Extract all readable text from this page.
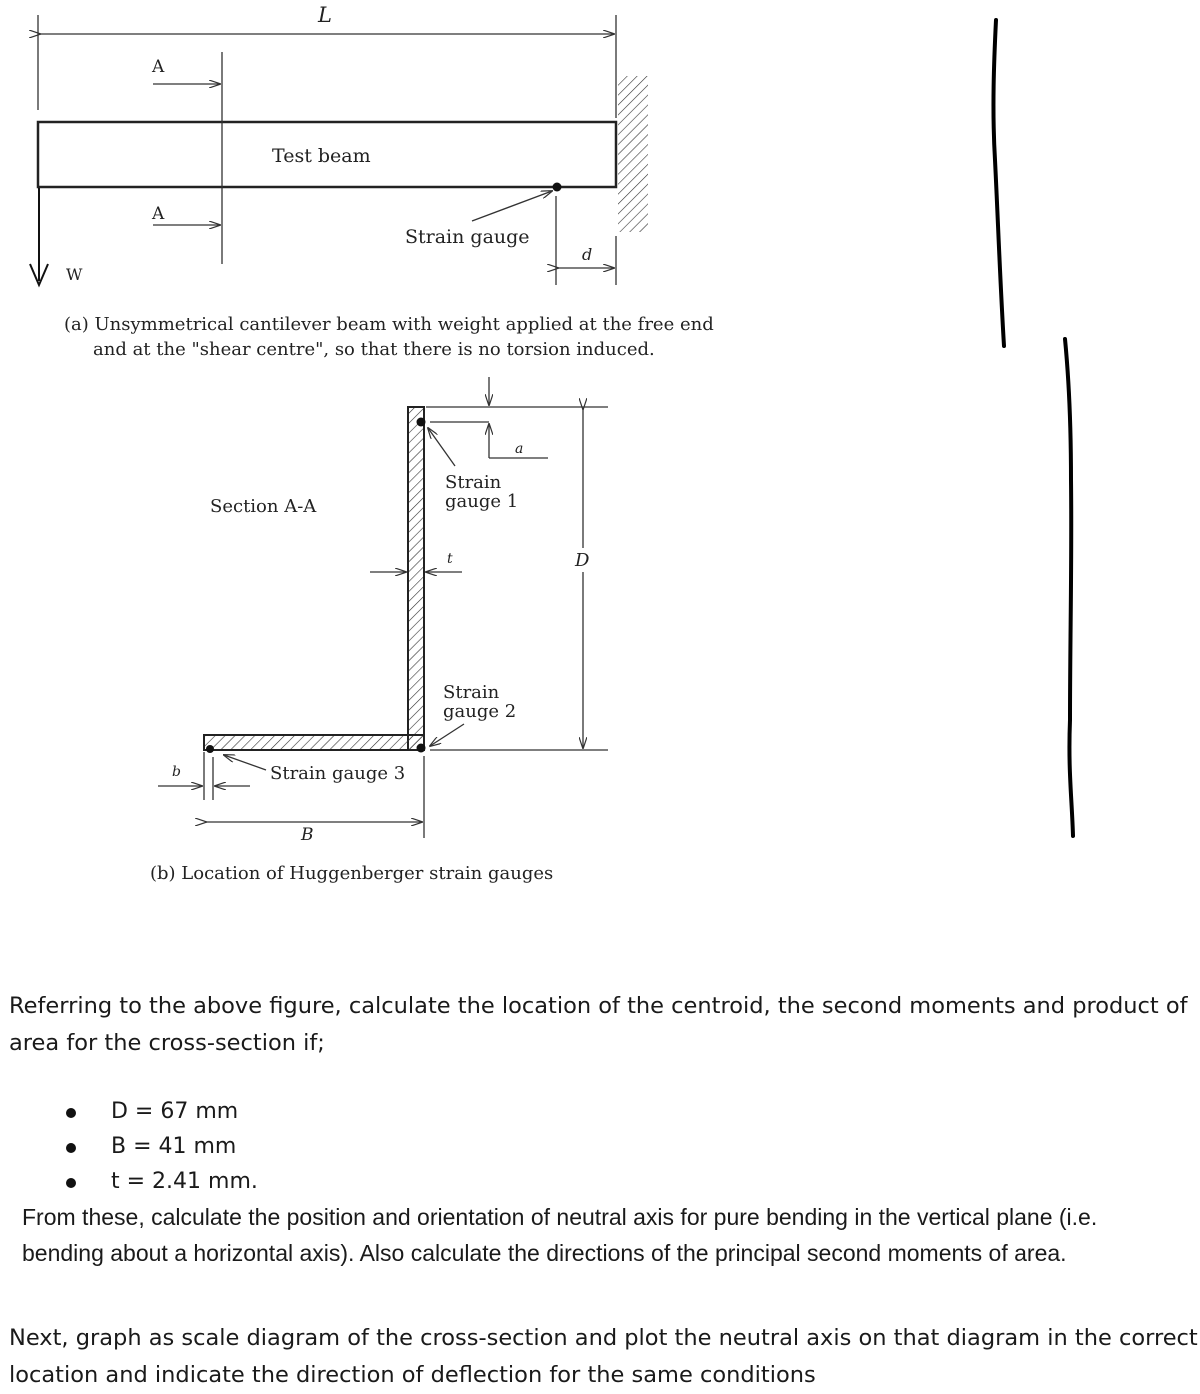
L
Test beam
A
A
Strain gauge
d
W
(a) Unsymmetrical cantilever beam with weight applied at the free end
and at the "shear centre", so that there is no torsion induced.
D
a
Strain
gauge 1
Section A-A
t
Strain
gauge 2
b	Strain gauge 3
B
(b) Location of Huggenberger strain gauges

Referring to the above figure, calculate the location of the centroid, the second moments and product of area for the cross-section if;

D = 67 mm
B = 41 mm
t = 2.41 mm.

From these, calculate the position and orientation of neutral axis for pure bending in the vertical plane (i.e. bending about a horizontal axis). Also calculate the directions of the principal second moments of area.

Next, graph as scale diagram of the cross-section and plot the neutral axis on that diagram in the correct location and indicate the direction of deflection for the same conditions
